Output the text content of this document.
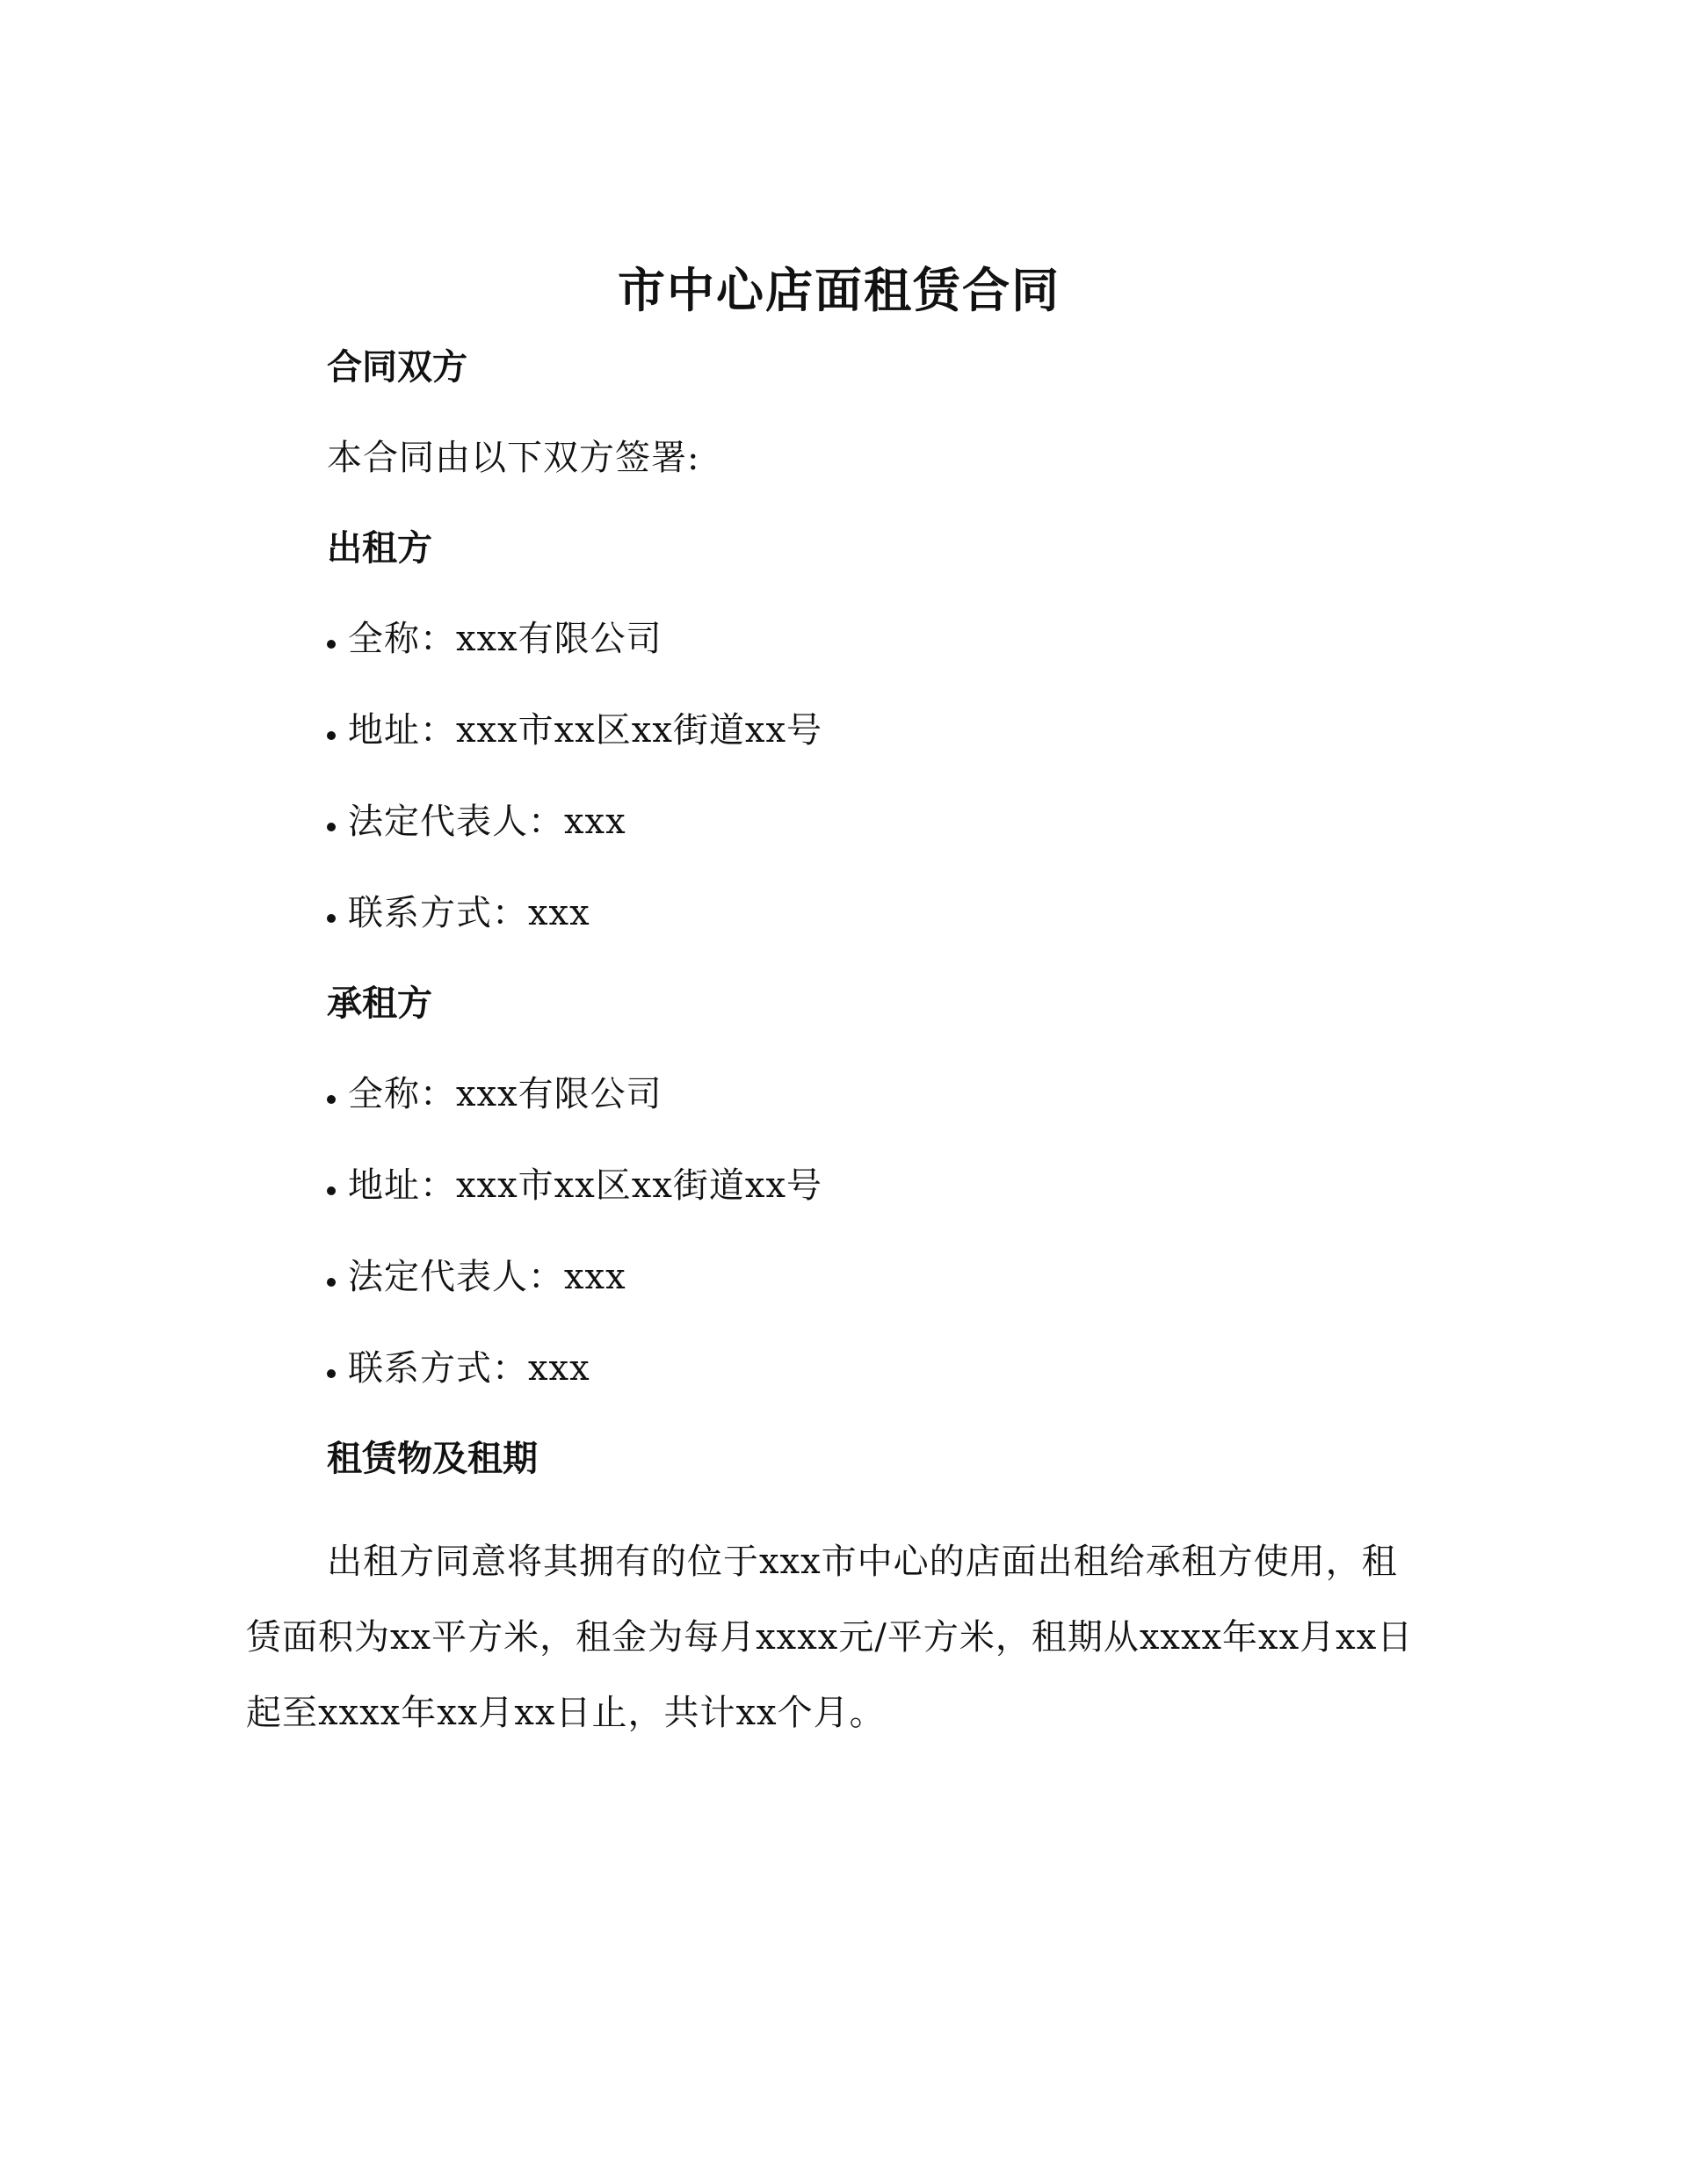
市中心店面租赁合同
合同双方
本合同由以下双方签署:
出租方
全称：xxx有限公司
地址：xxx市xx区xx街道xx号
法定代表人：xxx
联系方式：xxx
承租方
全称：xxx有限公司
地址：xxx市xx区xx街道xx号
法定代表人：xxx
联系方式：xxx
租赁物及租期

出租方同意将其拥有的位于xxx市中心的店面出租给承租方使用，租赁面积为xx平方米，租金为每月xxxx元/平方米，租期从xxxx年xx月xx日起至xxxx年xx月xx日止，共计xx个月。
